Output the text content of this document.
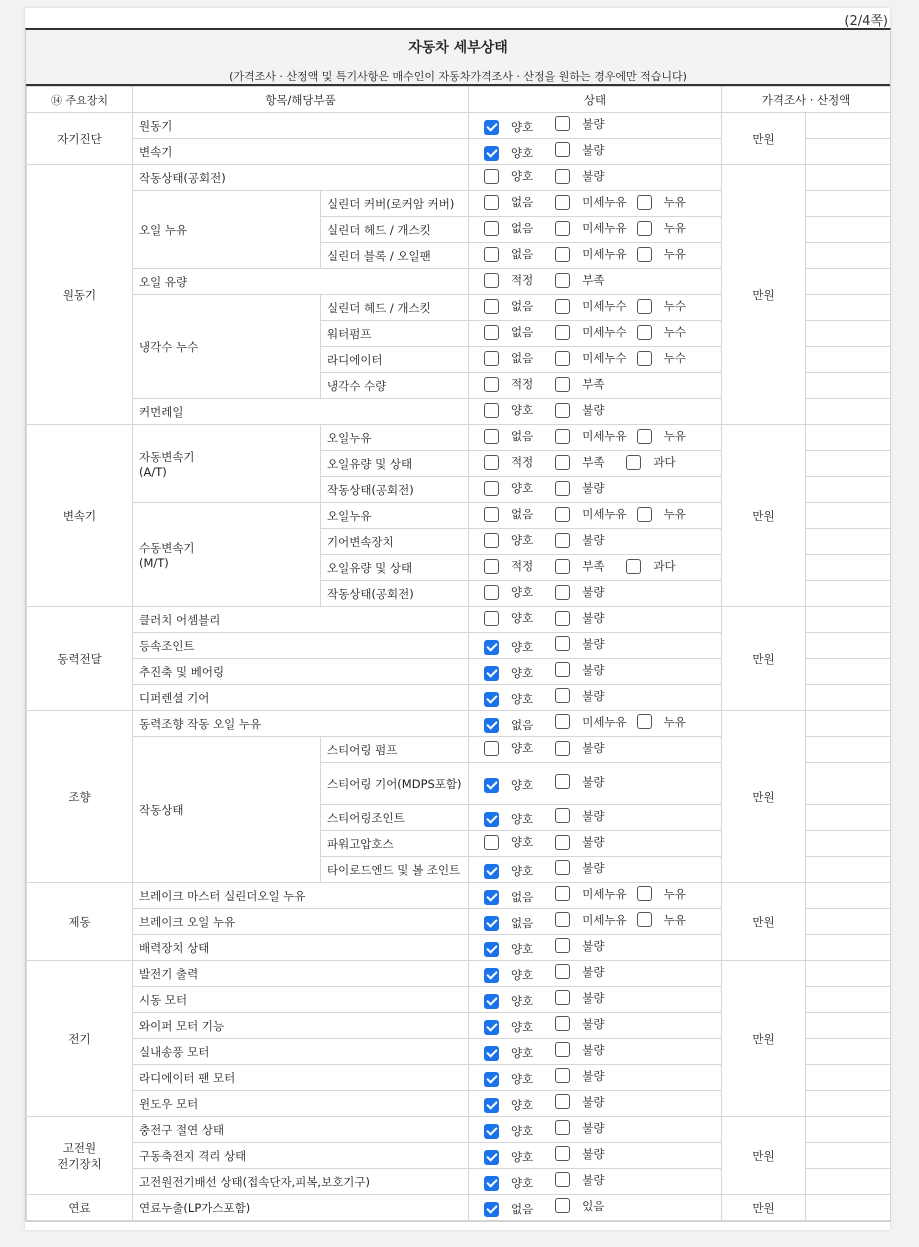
(2/4쪽)
자동차 세부상태
(가격조사 · 산정액 및 특기사항은 매수인이 자동차가격조사 · 산정을 원하는 경우에만 적습니다)
⑭ 주요장치	항목/해당부품		상태	가격조사 · 산정액	
자기진단	원동기		양호 불량	만원	
	변속기		양호 불량		

원동기	작동상태(공회전)		양호 불량	만원	
	오일 누유	실린더 커버(로커암 커버)	없음 미세누유 누유		

		실린더 헤드 / 개스킷	없음 미세누유 누유		

		실린더 블록 / 오일팬	없음 미세누유 누유		

	오일 유량		적정 부족		

	냉각수 누수	실린더 헤드 / 개스킷	없음 미세누수 누수		

		워터펌프	없음 미세누수 누수		

		라디에이터	없음 미세누수 누수		

		냉각수 수량	적정 부족		

	커먼레일		양호 불량		

변속기	자동변속기
(A/T)	오일누유	없음 미세누유 누유	만원	
		오일유량 및 상태	적정 부족 과다		

		작동상태(공회전)	양호 불량		

	수동변속기
(M/T)	오일누유	없음 미세누유 누유		

		기어변속장치	양호 불량		

		오일유량 및 상태	적정 부족 과다		

		작동상태(공회전)	양호 불량		

동력전달	클러치 어셈블리		양호 불량	만원	
	등속조인트		양호 불량		

	추진축 및 베어링		양호 불량		

	디퍼렌셜 기어		양호 불량		

조향	동력조향 작동 오일 누유		없음 미세누유 누유	만원	
	작동상태	스티어링 펌프	양호 불량		

		스티어링 기어(MDPS포함)	양호 불량		

		스티어링조인트	양호 불량		

		파워고압호스	양호 불량		

		타이로드엔드 및 볼 조인트	양호 불량		

제동	브레이크 마스터 실린더오일 누유		없음 미세누유 누유	만원	
	브레이크 오일 누유		없음 미세누유 누유		

	배력장치 상태		양호 불량		

전기	발전기 출력		양호 불량	만원	
	시동 모터		양호 불량		

	와이퍼 모터 기능		양호 불량		

	실내송풍 모터		양호 불량		

	라디에이터 팬 모터		양호 불량		

	윈도우 모터		양호 불량		

고전원
전기장치	충전구 절연 상태		양호 불량	만원	
	구동축전지 격리 상태		양호 불량		

	고전원전기배선 상태(접속단자,피복,보호기구)		양호 불량		

연료	연료누출(LP가스포함)		없음 있음	만원	
